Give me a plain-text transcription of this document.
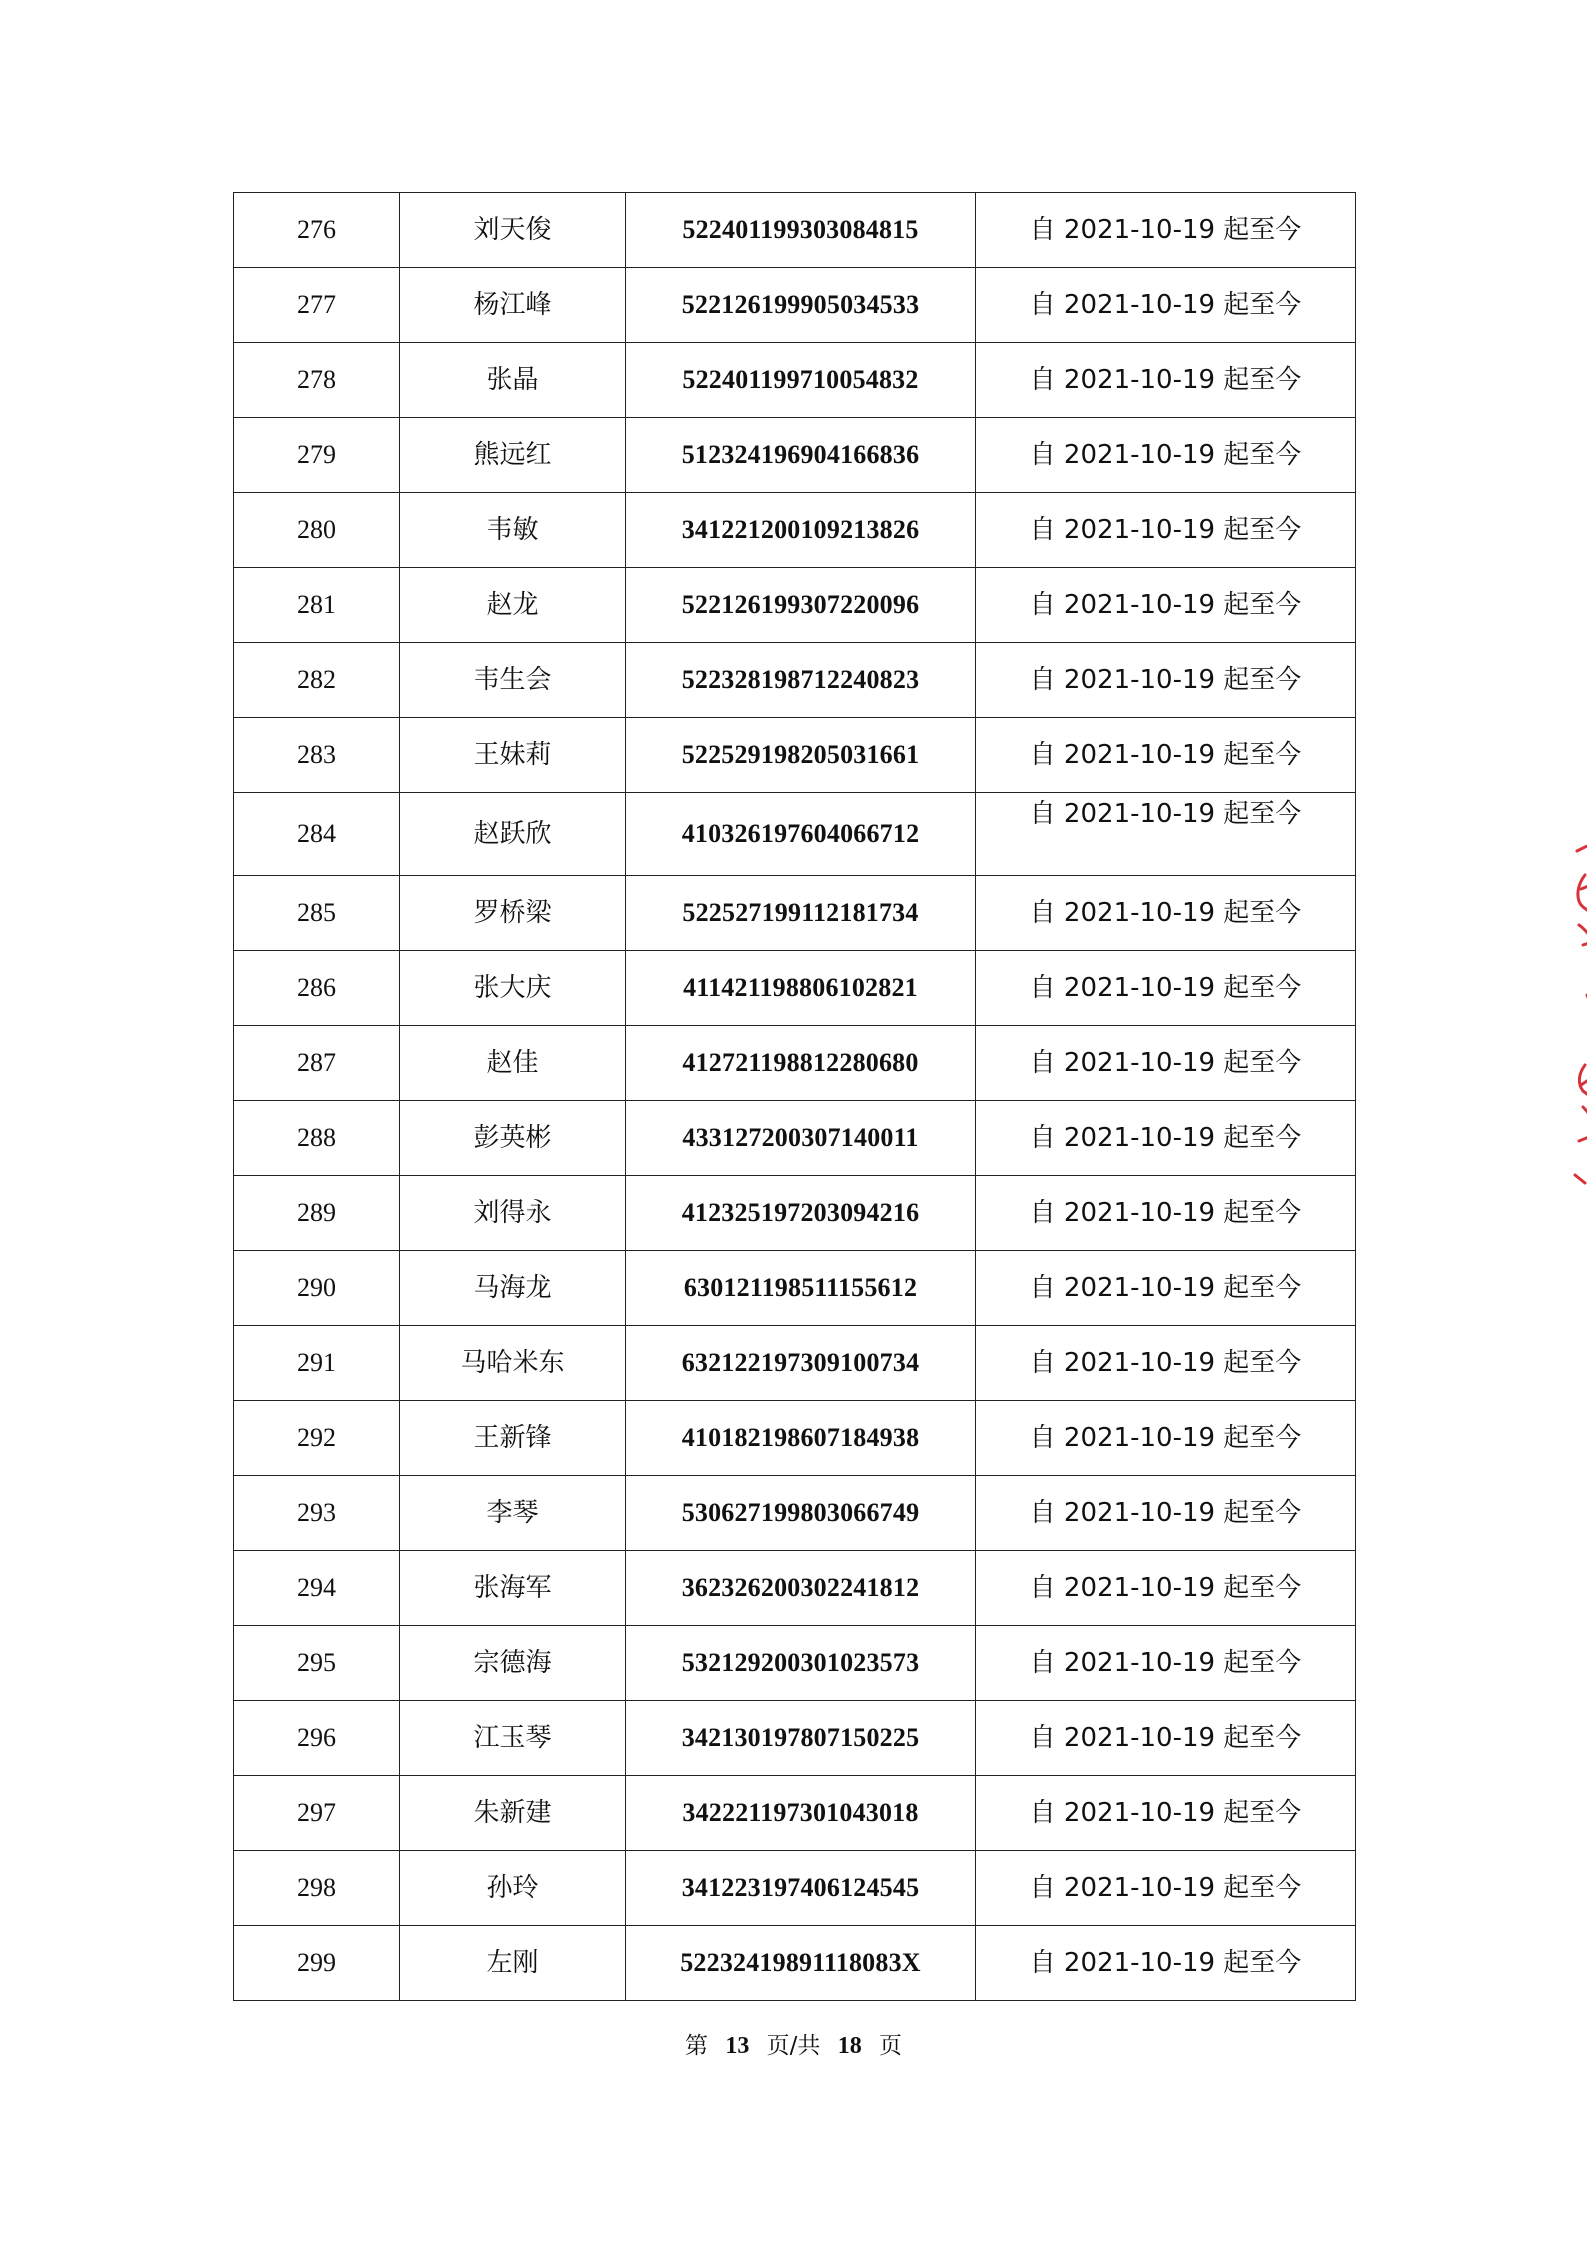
276	刘天俊	522401199303084815	自 2021-10-19 起至今
277	杨江峰	522126199905034533	自 2021-10-19 起至今
278	张晶	522401199710054832	自 2021-10-19 起至今
279	熊远红	512324196904166836	自 2021-10-19 起至今
280	韦敏	341221200109213826	自 2021-10-19 起至今
281	赵龙	522126199307220096	自 2021-10-19 起至今
282	韦生会	522328198712240823	自 2021-10-19 起至今
283	王妹莉	522529198205031661	自 2021-10-19 起至今
284	赵跃欣	410326197604066712	自 2021-10-19 起至今
285	罗桥梁	522527199112181734	自 2021-10-19 起至今
286	张大庆	411421198806102821	自 2021-10-19 起至今
287	赵佳	412721198812280680	自 2021-10-19 起至今
288	彭英彬	433127200307140011	自 2021-10-19 起至今
289	刘得永	412325197203094216	自 2021-10-19 起至今
290	马海龙	630121198511155612	自 2021-10-19 起至今
291	马哈米东	632122197309100734	自 2021-10-19 起至今
292	王新锋	410182198607184938	自 2021-10-19 起至今
293	李琴	530627199803066749	自 2021-10-19 起至今
294	张海军	362326200302241812	自 2021-10-19 起至今
295	宗德海	532129200301023573	自 2021-10-19 起至今
296	江玉琴	342130197807150225	自 2021-10-19 起至今
297	朱新建	342221197301043018	自 2021-10-19 起至今
298	孙玲	341223197406124545	自 2021-10-19 起至今
299	左刚	52232419891118083X	自 2021-10-19 起至今
第 13 页/共 18 页
